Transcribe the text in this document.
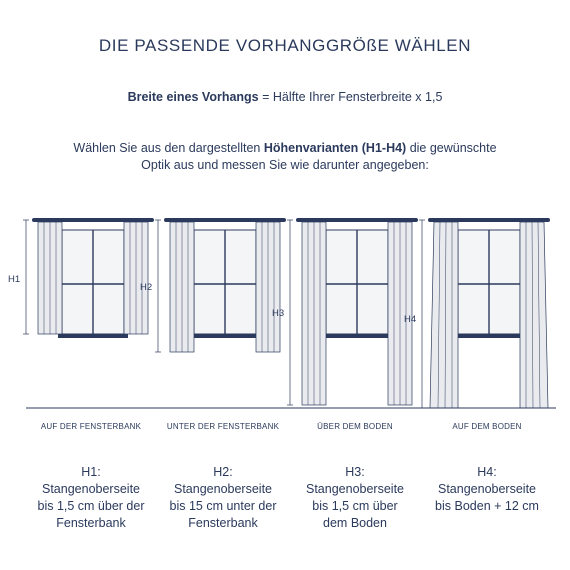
DIE PASSENDE VORHANGGRÖßE WÄHLEN
Breite eines Vorhangs = Hälfte Ihrer Fensterbreite x 1,5
Wählen Sie aus den dargestellten Höhenvarianten (H1-H4) die gewünschte Optik aus und messen Sie wie darunter angegeben:
H1
AUF DER FENSTERBANK
H1:
Stangenoberseite
bis 1,5 cm über der
Fensterbank
H2
UNTER DER FENSTERBANK
H2:
Stangenoberseite
bis 15 cm unter der
Fensterbank
H3
ÜBER DEM BODEN
H3:
Stangenoberseite
bis 1,5 cm über
dem Boden
H4
AUF DEM BODEN
H4:
Stangenoberseite
bis Boden + 12 cm
